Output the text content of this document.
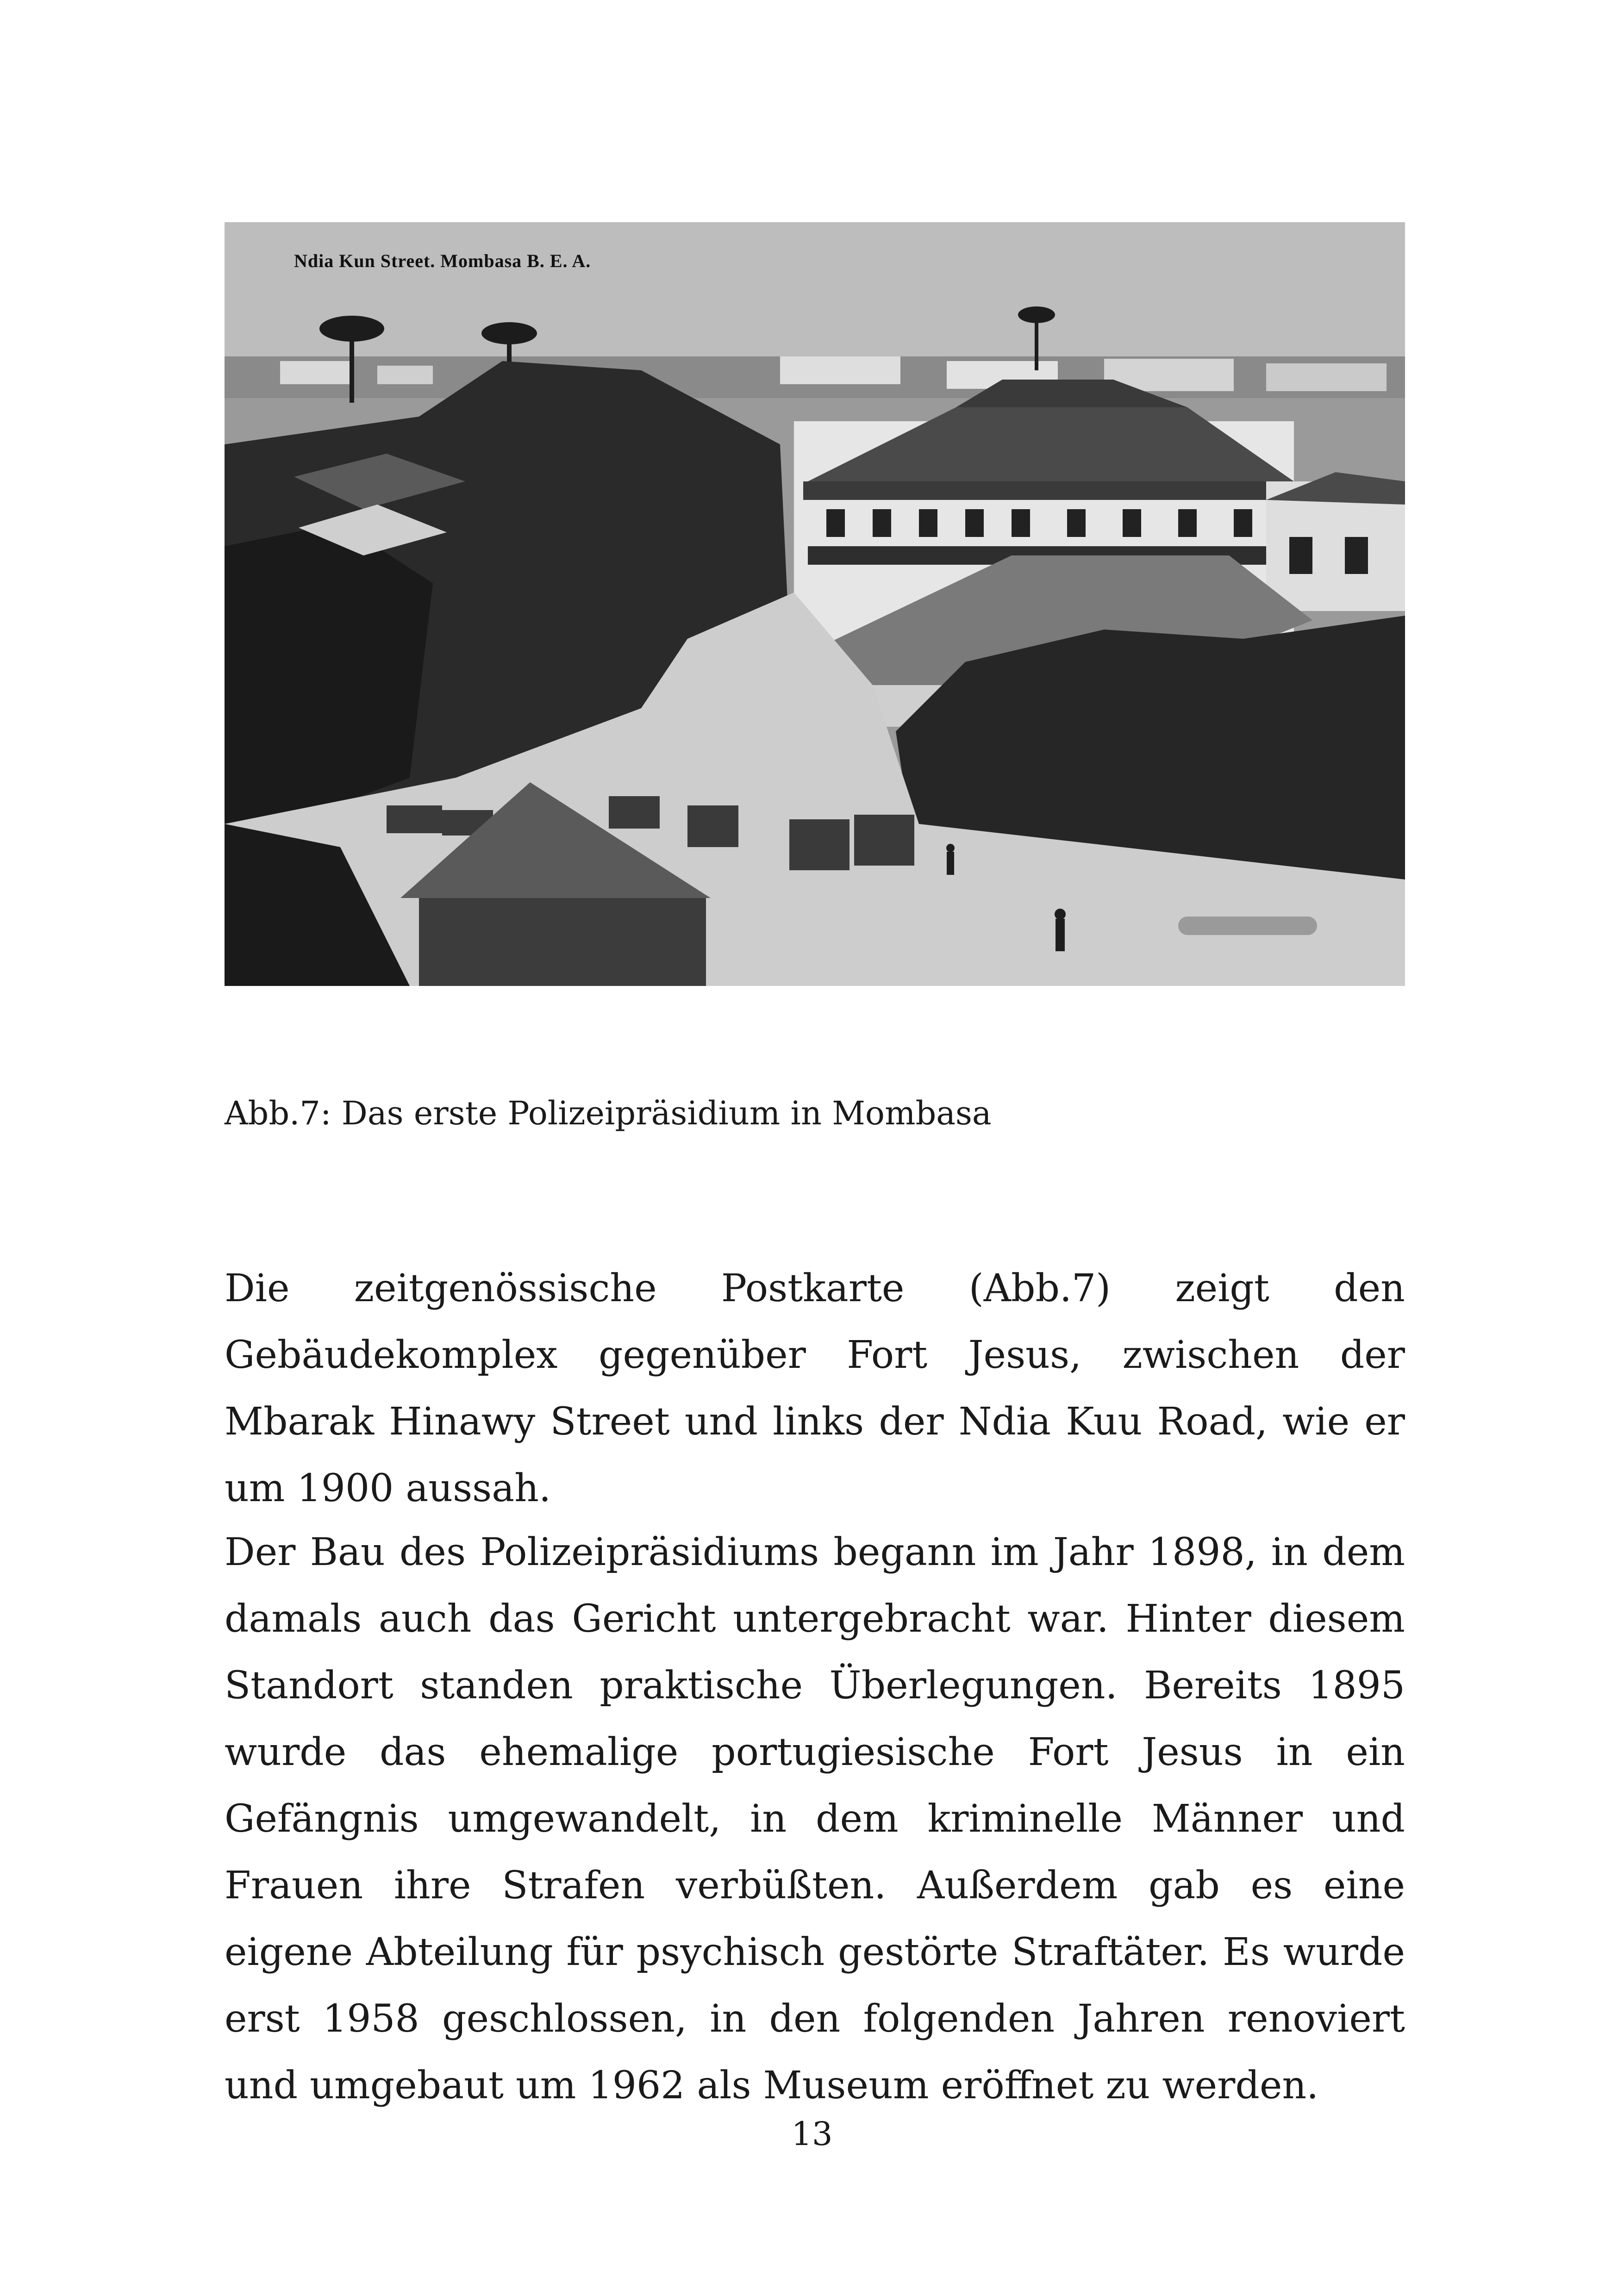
Ndia Kun Street. Mombasa B. E. A.
Abb.7: Das erste Polizeipräsidium in Mombasa

Die zeitgenössische Postkarte (Abb.7) zeigt den Gebäudekomplex gegenüber Fort Jesus, zwischen der Mbarak Hinawy Street und links der Ndia Kuu Road, wie er um 1900 aussah.

Der Bau des Polizeipräsidiums begann im Jahr 1898, in dem damals auch das Gericht untergebracht war. Hinter diesem Standort standen praktische Überlegungen. Bereits 1895 wurde das ehemalige portugiesische Fort Jesus in ein Gefängnis umgewandelt, in dem kriminelle Männer und Frauen ihre Strafen verbüßten. Außerdem gab es eine eigene Abteilung für psychisch gestörte Straftäter. Es wurde erst 1958 geschlossen, in den folgenden Jahren renoviert und umgebaut um 1962 als Museum eröffnet zu werden.

13
